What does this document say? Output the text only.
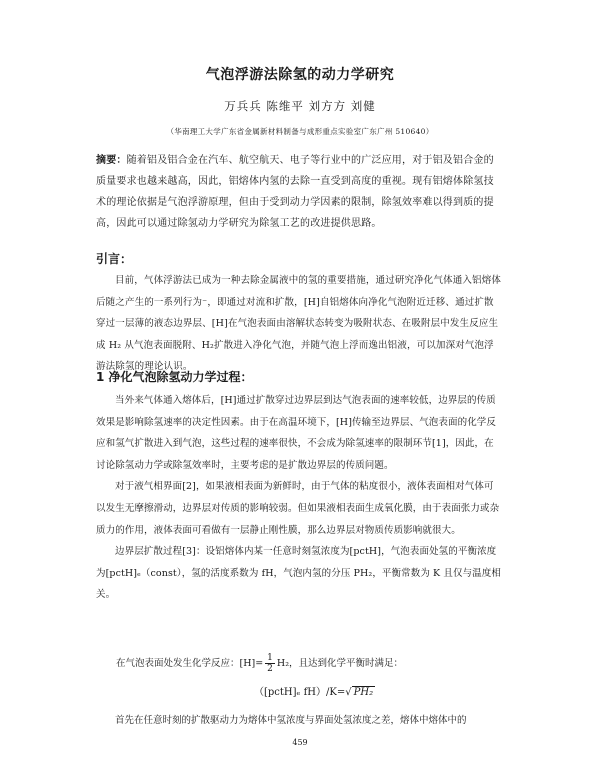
气泡浮游法除氢的动力学研究
万兵兵 陈维平 刘方方 刘健
（华南理工大学广东省金属新材料制备与成形重点实验室广东广州 510640）
摘要：随着铝及铝合金在汽车、航空航天、电子等行业中的广泛应用，对于铝及铝合金的质量要求也越来越高，因此，铝熔体内氢的去除一直受到高度的重视。现有铝熔体除氢技术的理论依据是气泡浮游原理，但由于受到动力学因素的限制，除氢效率难以得到质的提高，因此可以通过除氢动力学研究为除氢工艺的改进提供思路。
引言：

目前，气体浮游法已成为一种去除金属液中的氢的重要措施，通过研究净化气体通入铝熔体后随之产生的一系列行为⁻，即通过对流和扩散，[H]自铝熔体向净化气泡附近迁移、通过扩散穿过一层薄的液态边界层、[H]在气泡表面由溶解状态转变为吸附状态、在吸附层中发生反应生成 H₂ 从气泡表面脱附、H₂扩散进入净化气泡，并随气泡上浮而逸出铝液，可以加深对气泡浮游法除氢的理论认识。

1 净化气泡除氢动力学过程：

当外来气体通入熔体后，[H]通过扩散穿过边界层到达气泡表面的速率较低，边界层的传质效果是影响除氢速率的决定性因素。由于在高温环境下，[H]传输至边界层、气泡表面的化学反应和氢气扩散进入到气泡，这些过程的速率很快，不会成为除氢速率的限制环节[1]，因此，在讨论除氢动力学或除氢效率时，主要考虑的是扩散边界层的传质问题。

对于液气相界面[2]，如果液相表面为新鲜时，由于气体的粘度很小，液体表面相对气体可以发生无摩擦滑动，边界层对传质的影响较弱。但如果液相表面生成氧化膜，由于表面张力或杂质力的作用，液体表面可看做有一层静止刚性膜，那么边界层对物质传质影响就很大。

边界层扩散过程[3]：设铝熔体内某一任意时刻氢浓度为[pctH]，气泡表面处氢的平衡浓度为[pctH]ₑ（const），氢的活度系数为 fH，气泡内氢的分压 PH₂，平衡常数为 K 且仅与温度相关。

在气泡表面处发生化学反应：$[H]= \frac{1}{2} H_2$，且达到化学平衡时满足：
（[pctH]ₑ fH）/K=√ PH₂

首先在任意时刻的扩散驱动力为熔体中氢浓度与界面处氢浓度之差，熔体中熔体中的

459
